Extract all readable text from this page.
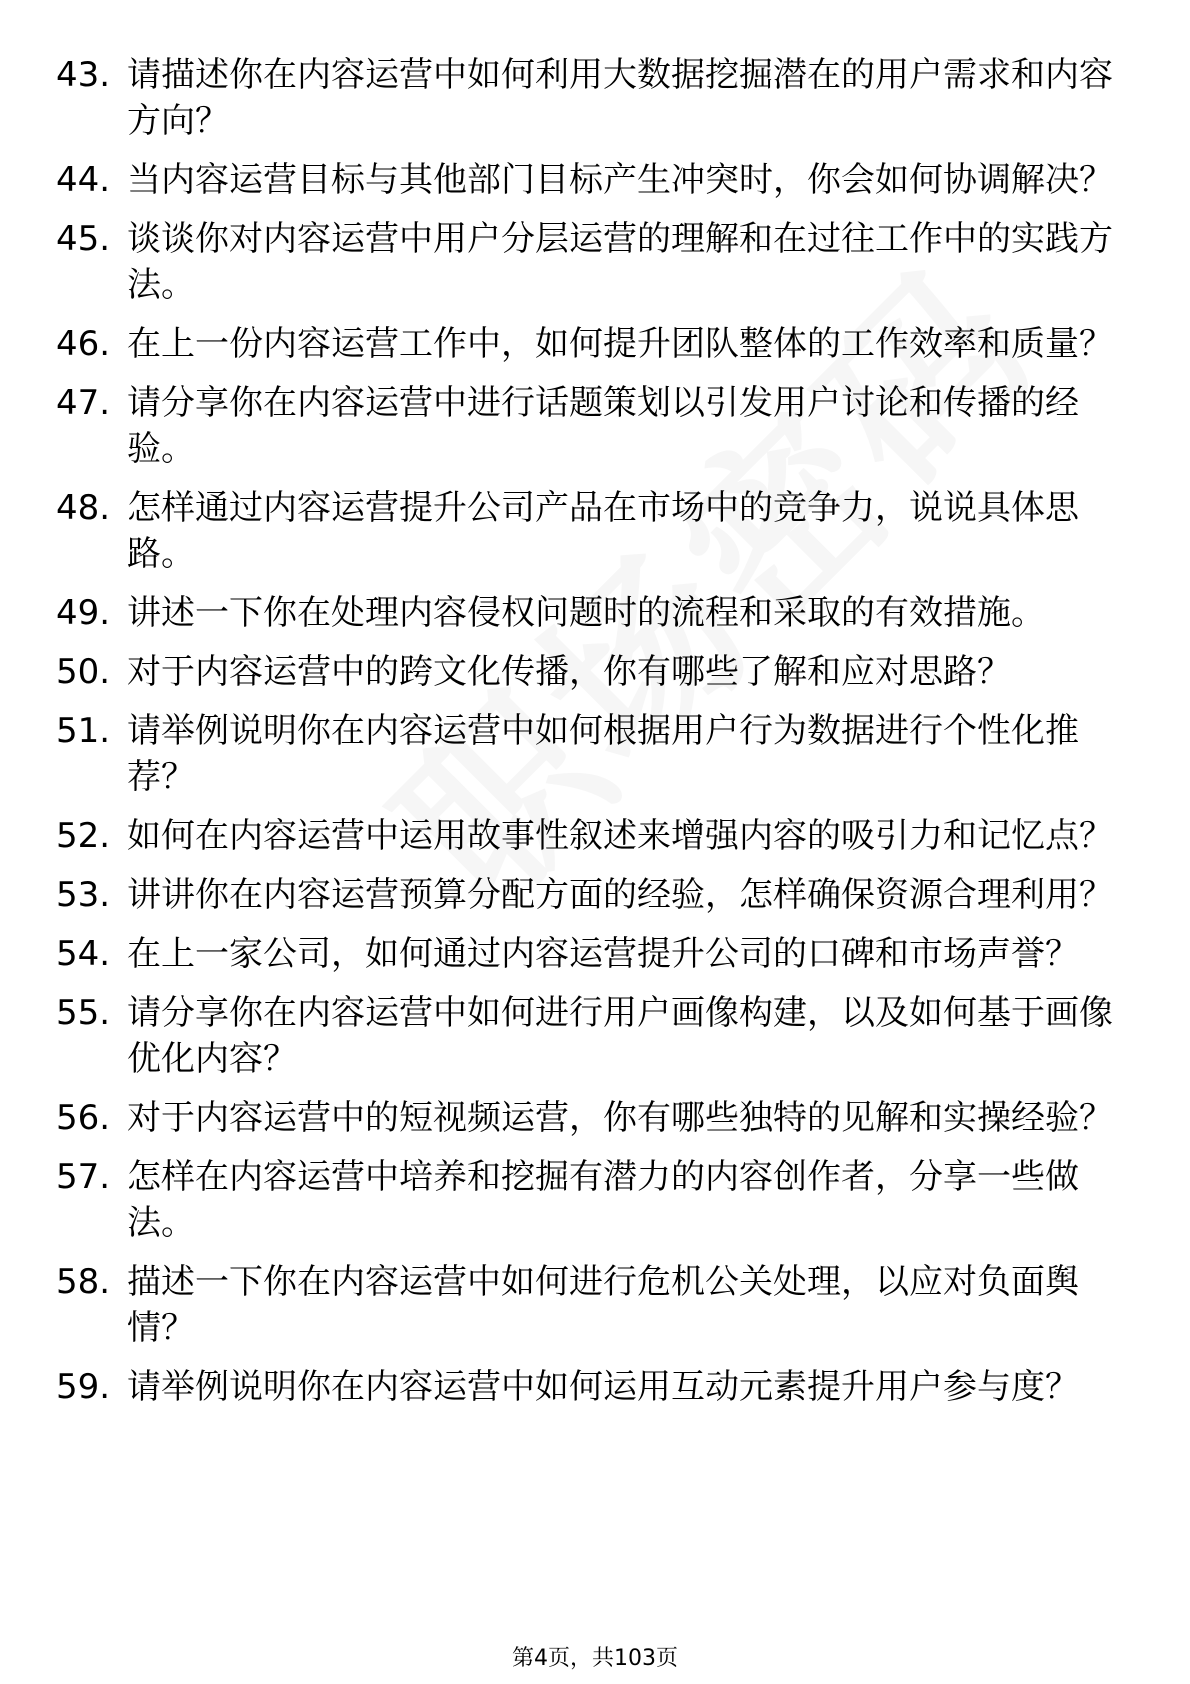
43. 请描述你在内容运营中如何利用大数据挖掘潜在的用户需求和内容方向？
44. 当内容运营目标与其他部门目标产生冲突时，你会如何协调解决？
45. 谈谈你对内容运营中用户分层运营的理解和在过往工作中的实践方法。
46. 在上一份内容运营工作中，如何提升团队整体的工作效率和质量？
47. 请分享你在内容运营中进行话题策划以引发用户讨论和传播的经验。
48. 怎样通过内容运营提升公司产品在市场中的竞争力，说说具体思路。
49. 讲述一下你在处理内容侵权问题时的流程和采取的有效措施。
50. 对于内容运营中的跨文化传播，你有哪些了解和应对思路？
51. 请举例说明你在内容运营中如何根据用户行为数据进行个性化推荐？
52. 如何在内容运营中运用故事性叙述来增强内容的吸引力和记忆点？
53. 讲讲你在内容运营预算分配方面的经验，怎样确保资源合理利用？
54. 在上一家公司，如何通过内容运营提升公司的口碑和市场声誉？
55. 请分享你在内容运营中如何进行用户画像构建，以及如何基于画像优化内容？
56. 对于内容运营中的短视频运营，你有哪些独特的见解和实操经验？
57. 怎样在内容运营中培养和挖掘有潜力的内容创作者，分享一些做法。
58. 描述一下你在内容运营中如何进行危机公关处理，以应对负面舆情？
59. 请举例说明你在内容运营中如何运用互动元素提升用户参与度？
第4页，共103页
